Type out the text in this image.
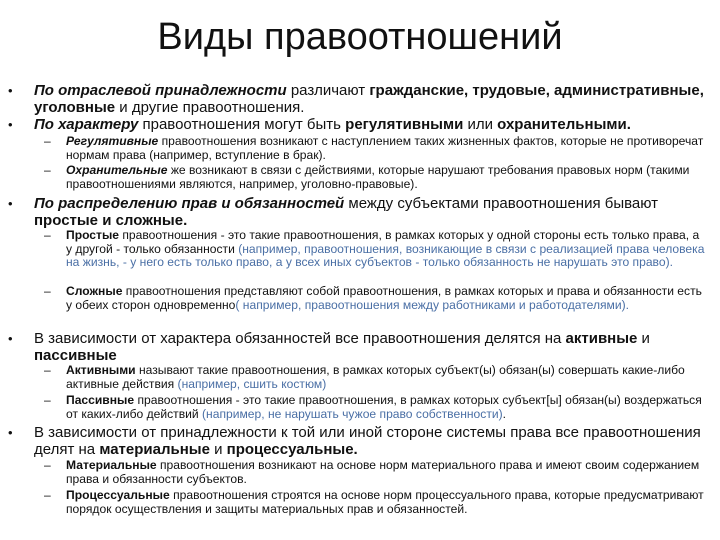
Виды правоотношений
• По отраслевой принадлежности различают гражданские, трудовые, административные, уголовные и другие правоотношения.
• По характеру правоотношения могут быть регулятивными или охранительными.
– Регулятивные правоотношения возникают с наступлением таких жизненных фактов, которые не противоречат нормам права (например, вступление в брак).
– Охранительные же возникают в связи с действиями, которые нарушают требования правовых норм (такими правоотношениями являются, например, уголовно-правовые).
• По распределению прав и обязанностей между субъектами правоотношения бывают простые и сложные.
– Простые правоотношения - это такие правоотношения, в рамках которых у одной стороны есть только права, а у другой - только обязанности (например, правоотношения, возникающие в связи с реализацией права человека на жизнь, - у него есть только право, а у всех иных субъектов - только обязанность не нарушать это право).
– Сложные правоотношения представляют собой правоотношения, в рамках которых и права и обязанности есть у обеих сторон одновременно( например, правоотношения между работниками и работодателями).
• В зависимости от характера обязанностей все правоотношения делятся на активные и пассивные
– Активными называют такие правоотношения, в рамках которых субъект(ы) обязан(ы) совершать какие-либо активные действия (например, сшить костюм)
– Пассивные правоотношения - это такие правоотношения, в рамках которых субъект[ы] обязан(ы) воздержаться от каких-либо действий (например, не нарушать чужое право собственности).
• В зависимости от принадлежности к той или иной стороне системы права все правоотношения делят на материальные и процессуальные.
– Материальные правоотношения возникают на основе норм материального права и имеют своим содержанием права и обязанности субъектов.
– Процессуальные правоотношения строятся на основе норм процессуального права, которые предусматривают порядок осуществления и защиты материальных прав и обязанностей.
